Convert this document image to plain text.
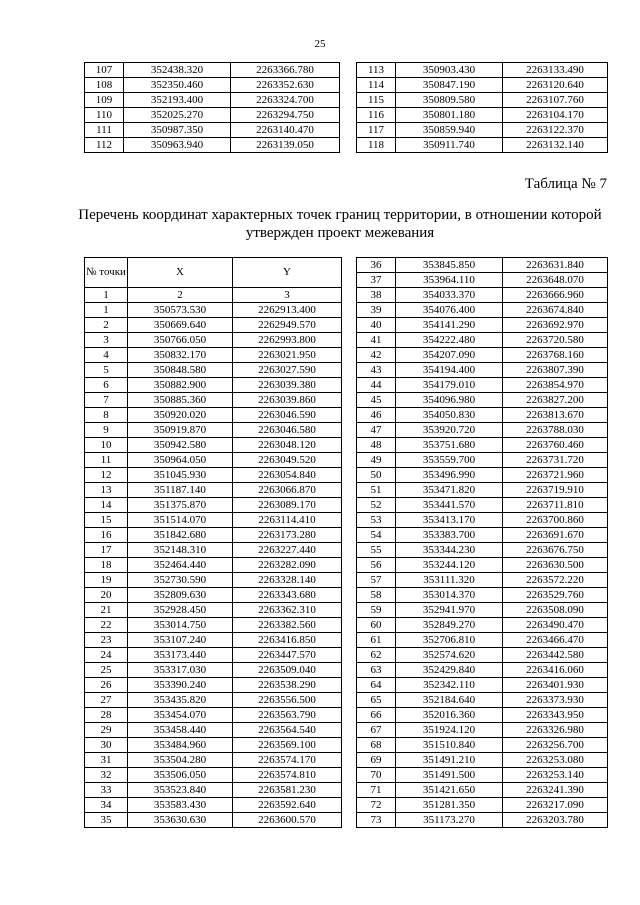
25
107	352438.320	2263366.780
108	352350.460	2263352.630
109	352193.400	2263324.700
110	352025.270	2263294.750
111	350987.350	2263140.470
112	350963.940	2263139.050
113	350903.430	2263133.490
114	350847.190	2263120.640
115	350809.580	2263107.760
116	350801.180	2263104.170
117	350859.940	2263122.370
118	350911.740	2263132.140
Таблица № 7
Перечень координат характерных точек границ территории, в отношении которой утвержден проект межевания
№ точки	X	Y
1	2	3
1	350573.530	2262913.400
2	350669.640	2262949.570
3	350766.050	2262993.800
4	350832.170	2263021.950
5	350848.580	2263027.590
6	350882.900	2263039.380
7	350885.360	2263039.860
8	350920.020	2263046.590
9	350919.870	2263046.580
10	350942.580	2263048.120
11	350964.050	2263049.520
12	351045.930	2263054.840
13	351187.140	2263066.870
14	351375.870	2263089.170
15	351514.070	2263114.410
16	351842.680	2263173.280
17	352148.310	2263227.440
18	352464.440	2263282.090
19	352730.590	2263328.140
20	352809.630	2263343.680
21	352928.450	2263362.310
22	353014.750	2263382.560
23	353107.240	2263416.850
24	353173.440	2263447.570
25	353317.030	2263509.040
26	353390.240	2263538.290
27	353435.820	2263556.500
28	353454.070	2263563.790
29	353458.440	2263564.540
30	353484.960	2263569.100
31	353504.280	2263574.170
32	353506.050	2263574.810
33	353523.840	2263581.230
34	353583.430	2263592.640
35	353630.630	2263600.570
36	353845.850	2263631.840
37	353964.110	2263648.070
38	354033.370	2263666.960
39	354076.400	2263674.840
40	354141.290	2263692.970
41	354222.480	2263720.580
42	354207.090	2263768.160
43	354194.400	2263807.390
44	354179.010	2263854.970
45	354096.980	2263827.200
46	354050.830	2263813.670
47	353920.720	2263788.030
48	353751.680	2263760.460
49	353559.700	2263731.720
50	353496.990	2263721.960
51	353471.820	2263719.910
52	353441.570	2263711.810
53	353413.170	2263700.860
54	353383.700	2263691.670
55	353344.230	2263676.750
56	353244.120	2263630.500
57	353111.320	2263572.220
58	353014.370	2263529.760
59	352941.970	2263508.090
60	352849.270	2263490.470
61	352706.810	2263466.470
62	352574.620	2263442.580
63	352429.840	2263416.060
64	352342.110	2263401.930
65	352184.640	2263373.930
66	352016.360	2263343.950
67	351924.120	2263326.980
68	351510.840	2263256.700
69	351491.210	2263253.080
70	351491.500	2263253.140
71	351421.650	2263241.390
72	351281.350	2263217.090
73	351173.270	2263203.780
